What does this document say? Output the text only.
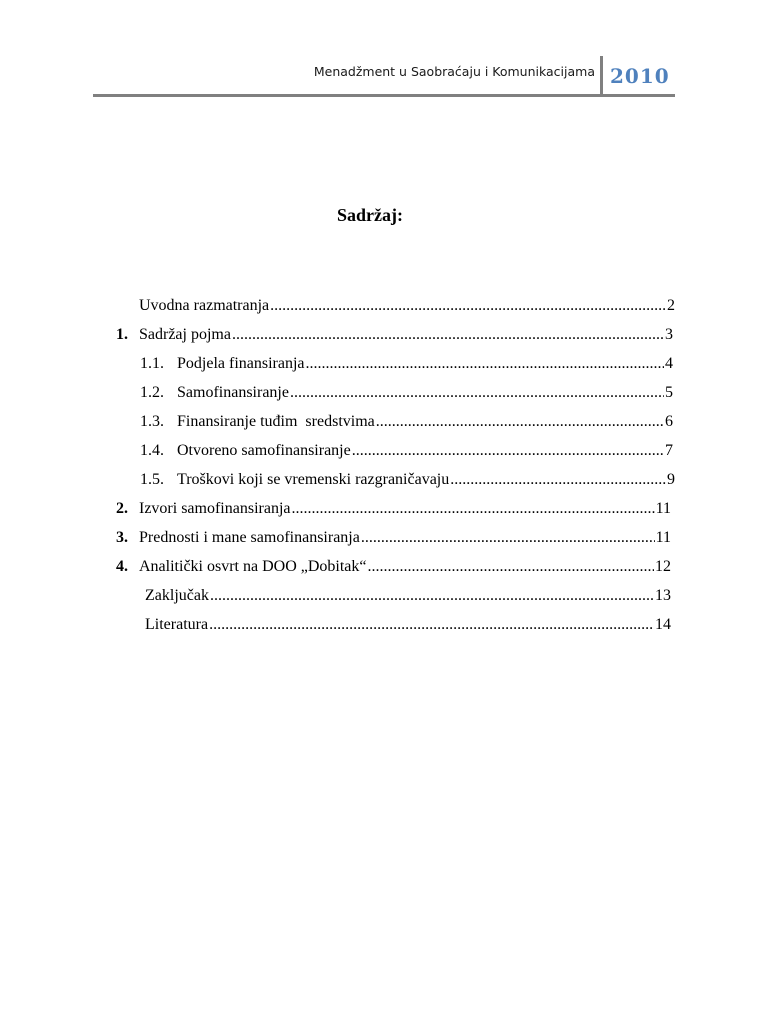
Menadžment u Saobraćaju i Komunikacijama 2010
Sadržaj:
Uvodna razmatranja .....	2
1. Sadržaj pojma .....	3
1.1. Podjela finansiranja .....	4
1.2. Samofinansiranje .....	5
1.3. Finansiranje tuđim  sredstvima .....	6
1.4. Otvoreno samofinansiranje .....	7
1.5. Troškovi koji se vremenski razgraničavaju .....	9
2. Izvori samofinansiranja .....	11
3. Prednosti i mane samofinansiranja .....	11
4. Analitički osvrt na DOO „Dobitak“ .....	12
Zaključak .....	13
Literatura .....	14
